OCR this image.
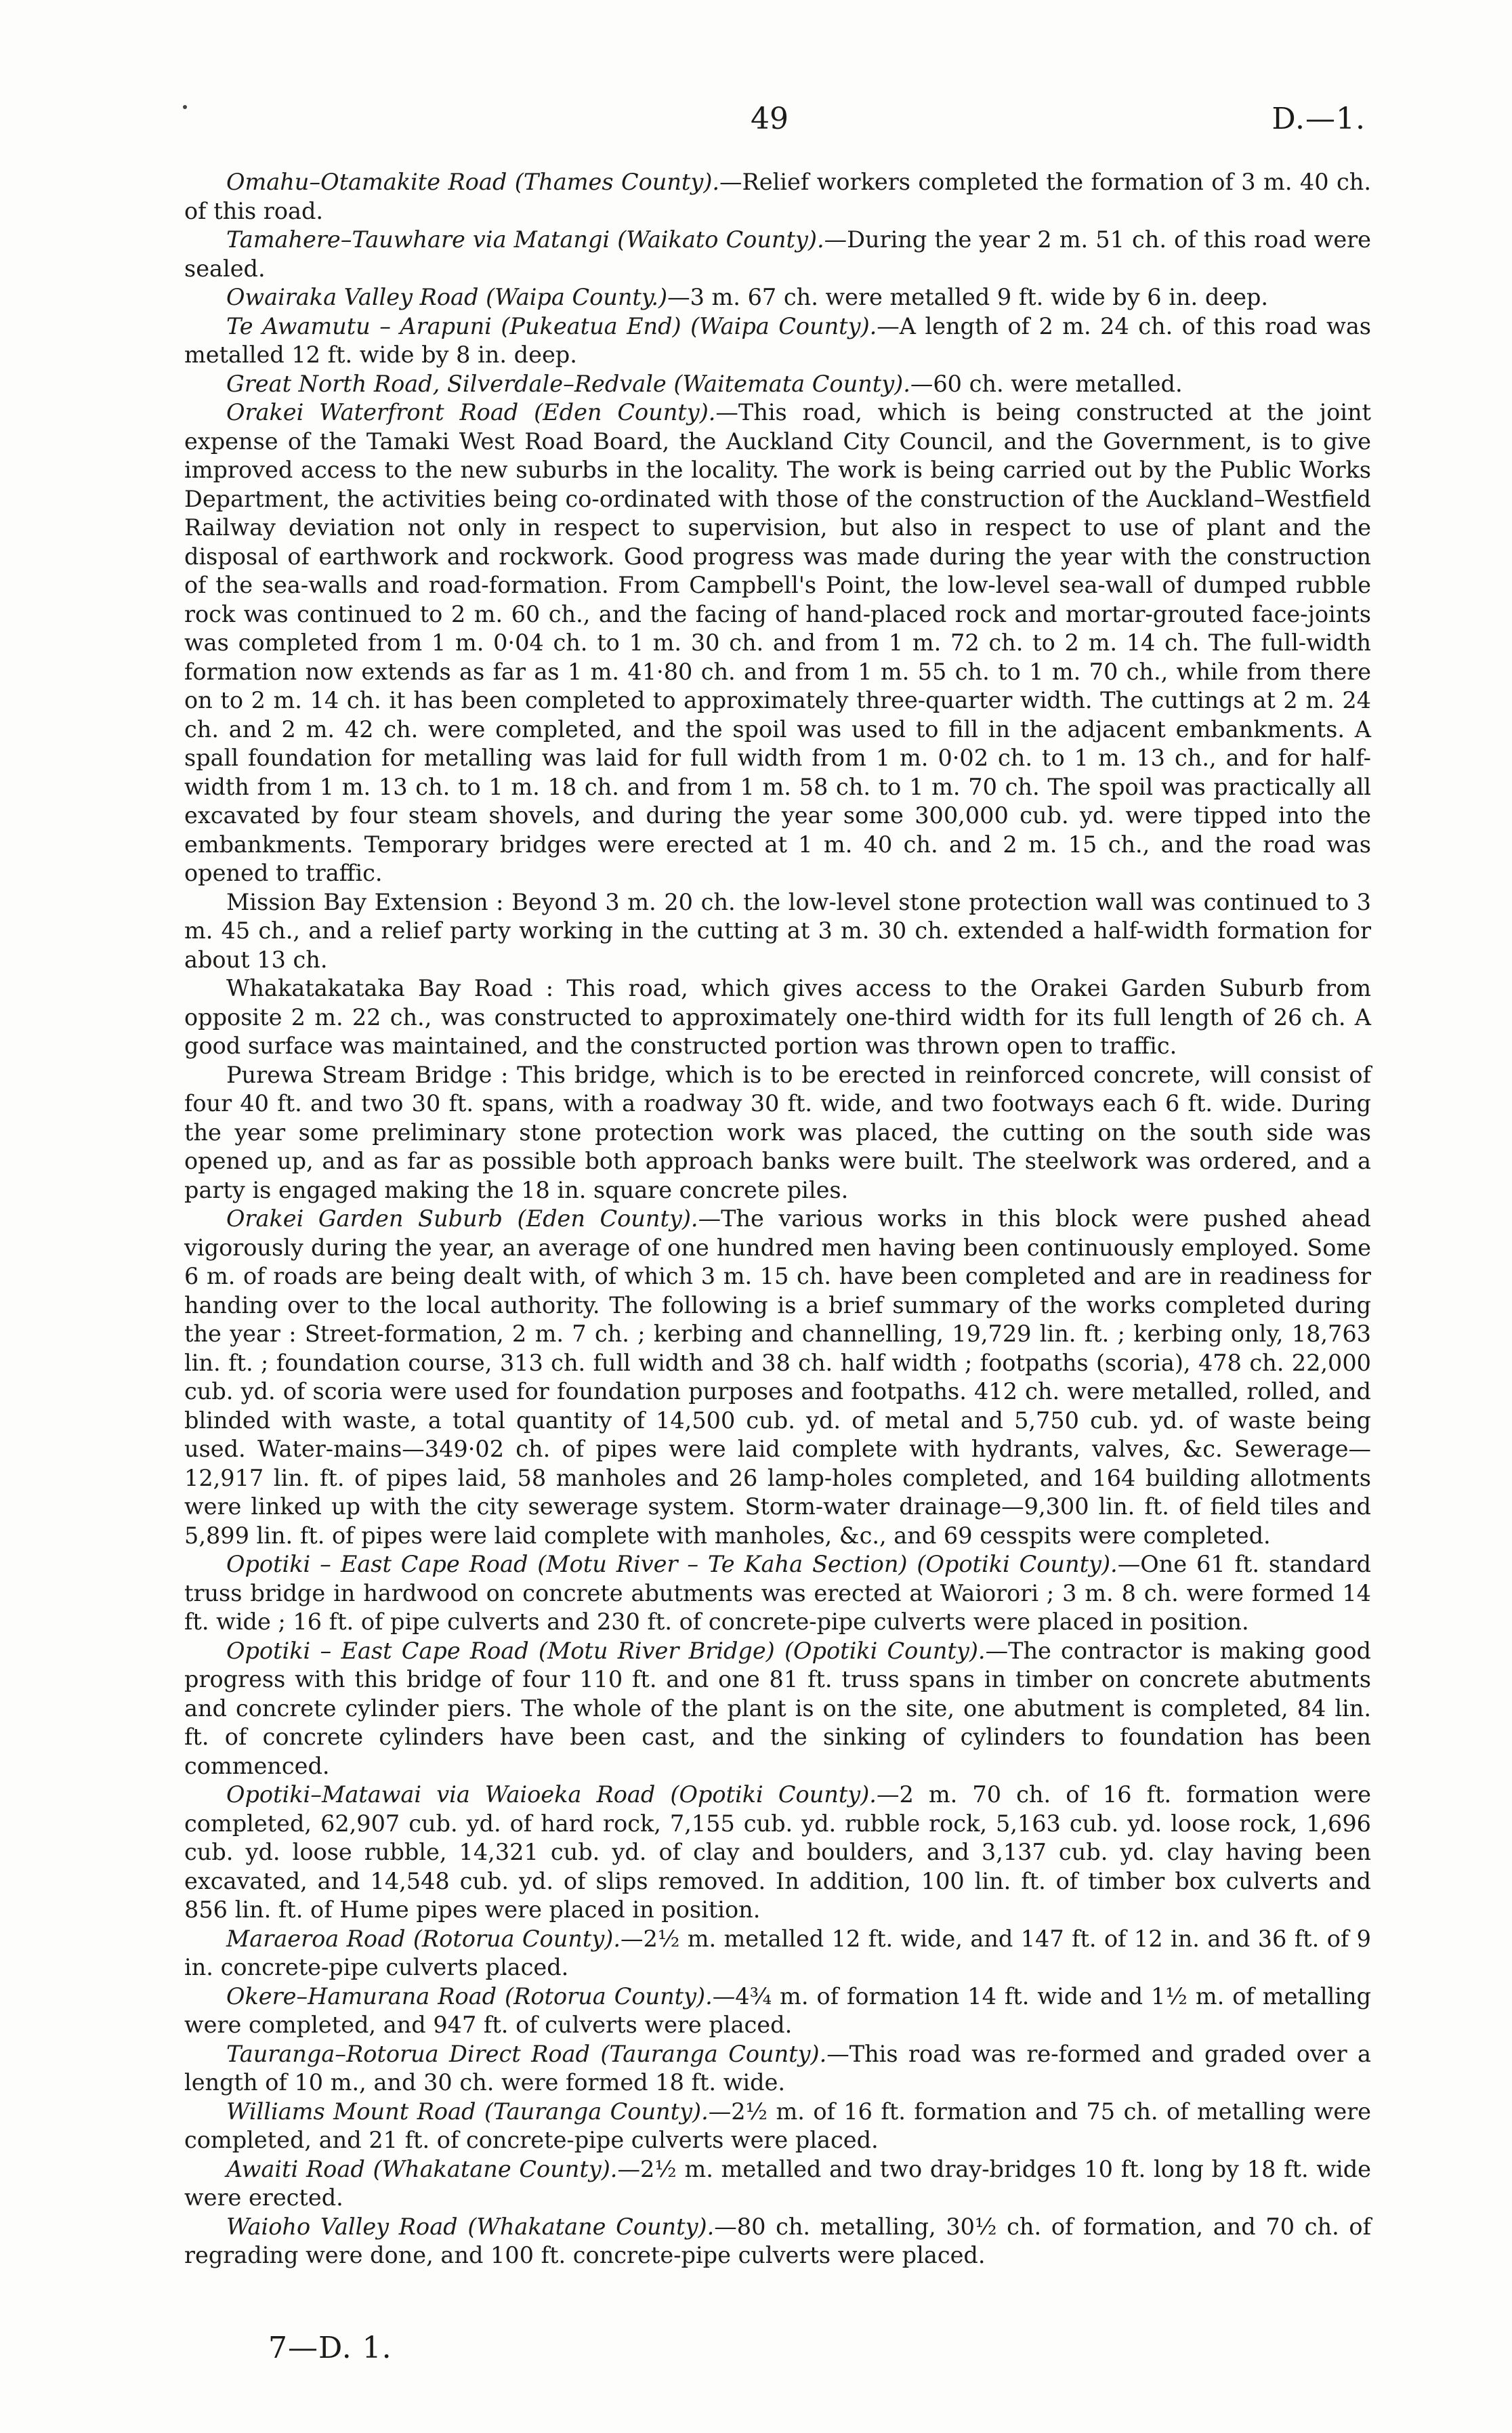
49	D.—1.

Omahu–Otamakite Road (Thames County).—Relief workers completed the formation of 3 m. 40 ch. of this road.

Tamahere–Tauwhare via Matangi (Waikato County).—During the year 2 m. 51 ch. of this road were sealed.

Owairaka Valley Road (Waipa County.)—3 m. 67 ch. were metalled 9 ft. wide by 6 in. deep.

Te Awamutu – Arapuni (Pukeatua End) (Waipa County).—A length of 2 m. 24 ch. of this road was metalled 12 ft. wide by 8 in. deep.

Great North Road, Silverdale–Redvale (Waitemata County).—60 ch. were metalled.

Orakei Waterfront Road (Eden County).—This road, which is being constructed at the joint expense of the Tamaki West Road Board, the Auckland City Council, and the Government, is to give improved access to the new suburbs in the locality. The work is being carried out by the Public Works Department, the activities being co-ordinated with those of the construction of the Auckland–Westfield Railway deviation not only in respect to supervision, but also in respect to use of plant and the disposal of earthwork and rockwork. Good progress was made during the year with the construction of the sea-walls and road-formation. From Campbell's Point, the low-level sea-wall of dumped rubble rock was continued to 2 m. 60 ch., and the facing of hand-placed rock and mortar-grouted face-joints was completed from 1 m. 0·04 ch. to 1 m. 30 ch. and from 1 m. 72 ch. to 2 m. 14 ch. The full-width formation now extends as far as 1 m. 41·80 ch. and from 1 m. 55 ch. to 1 m. 70 ch., while from there on to 2 m. 14 ch. it has been completed to approximately three-quarter width. The cuttings at 2 m. 24 ch. and 2 m. 42 ch. were completed, and the spoil was used to fill in the adjacent embankments. A spall foundation for metalling was laid for full width from 1 m. 0·02 ch. to 1 m. 13 ch., and for half-width from 1 m. 13 ch. to 1 m. 18 ch. and from 1 m. 58 ch. to 1 m. 70 ch. The spoil was practically all excavated by four steam shovels, and during the year some 300,000 cub. yd. were tipped into the embankments. Temporary bridges were erected at 1 m. 40 ch. and 2 m. 15 ch., and the road was opened to traffic.

Mission Bay Extension : Beyond 3 m. 20 ch. the low-level stone protection wall was continued to 3 m. 45 ch., and a relief party working in the cutting at 3 m. 30 ch. extended a half-width formation for about 13 ch.

Whakatakataka Bay Road : This road, which gives access to the Orakei Garden Suburb from opposite 2 m. 22 ch., was constructed to approximately one-third width for its full length of 26 ch. A good surface was maintained, and the constructed portion was thrown open to traffic.

Purewa Stream Bridge : This bridge, which is to be erected in reinforced concrete, will consist of four 40 ft. and two 30 ft. spans, with a roadway 30 ft. wide, and two footways each 6 ft. wide. During the year some preliminary stone protection work was placed, the cutting on the south side was opened up, and as far as possible both approach banks were built. The steelwork was ordered, and a party is engaged making the 18 in. square concrete piles.

Orakei Garden Suburb (Eden County).—The various works in this block were pushed ahead vigorously during the year, an average of one hundred men having been continuously employed. Some 6 m. of roads are being dealt with, of which 3 m. 15 ch. have been completed and are in readiness for handing over to the local authority. The following is a brief summary of the works completed during the year : Street-formation, 2 m. 7 ch. ; kerbing and channelling, 19,729 lin. ft. ; kerbing only, 18,763 lin. ft. ; foundation course, 313 ch. full width and 38 ch. half width ; footpaths (scoria), 478 ch. 22,000 cub. yd. of scoria were used for foundation purposes and footpaths. 412 ch. were metalled, rolled, and blinded with waste, a total quantity of 14,500 cub. yd. of metal and 5,750 cub. yd. of waste being used. Water-mains—349·02 ch. of pipes were laid complete with hydrants, valves, &c. Sewerage—12,917 lin. ft. of pipes laid, 58 manholes and 26 lamp-holes completed, and 164 building allotments were linked up with the city sewerage system. Storm-water drainage—9,300 lin. ft. of field tiles and 5,899 lin. ft. of pipes were laid complete with manholes, &c., and 69 cesspits were completed.

Opotiki – East Cape Road (Motu River – Te Kaha Section) (Opotiki County).—One 61 ft. standard truss bridge in hardwood on concrete abutments was erected at Waiorori ; 3 m. 8 ch. were formed 14 ft. wide ; 16 ft. of pipe culverts and 230 ft. of concrete-pipe culverts were placed in position.

Opotiki – East Cape Road (Motu River Bridge) (Opotiki County).—The contractor is making good progress with this bridge of four 110 ft. and one 81 ft. truss spans in timber on concrete abutments and concrete cylinder piers. The whole of the plant is on the site, one abutment is completed, 84 lin. ft. of concrete cylinders have been cast, and the sinking of cylinders to foundation has been commenced.

Opotiki–Matawai via Waioeka Road (Opotiki County).—2 m. 70 ch. of 16 ft. formation were completed, 62,907 cub. yd. of hard rock, 7,155 cub. yd. rubble rock, 5,163 cub. yd. loose rock, 1,696 cub. yd. loose rubble, 14,321 cub. yd. of clay and boulders, and 3,137 cub. yd. clay having been excavated, and 14,548 cub. yd. of slips removed. In addition, 100 lin. ft. of timber box culverts and 856 lin. ft. of Hume pipes were placed in position.

Maraeroa Road (Rotorua County).—2½ m. metalled 12 ft. wide, and 147 ft. of 12 in. and 36 ft. of 9 in. concrete-pipe culverts placed.

Okere–Hamurana Road (Rotorua County).—4¾ m. of formation 14 ft. wide and 1½ m. of metalling were completed, and 947 ft. of culverts were placed.

Tauranga–Rotorua Direct Road (Tauranga County).—This road was re-formed and graded over a length of 10 m., and 30 ch. were formed 18 ft. wide.

Williams Mount Road (Tauranga County).—2½ m. of 16 ft. formation and 75 ch. of metalling were completed, and 21 ft. of concrete-pipe culverts were placed.

Awaiti Road (Whakatane County).—2½ m. metalled and two dray-bridges 10 ft. long by 18 ft. wide were erected.

Waioho Valley Road (Whakatane County).—80 ch. metalling, 30½ ch. of formation, and 70 ch. of regrading were done, and 100 ft. concrete-pipe culverts were placed.

7—D. 1.
